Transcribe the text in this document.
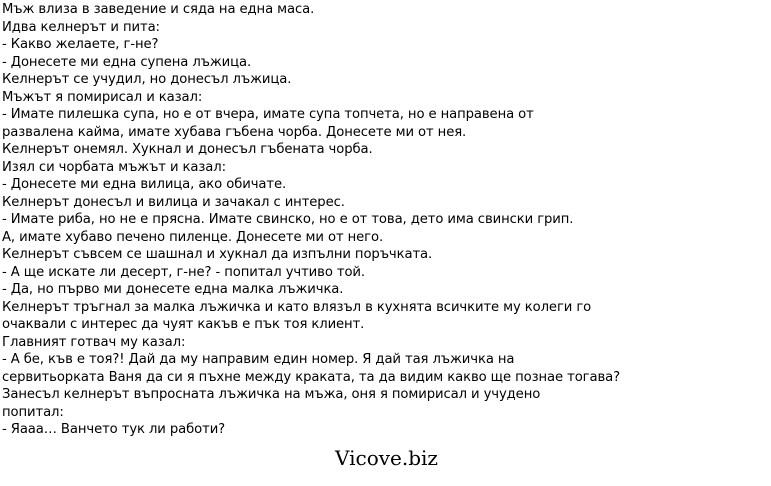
Мъж влиза в заведение и сяда на една маса.
Идва келнерът и пита:
- Какво желаете, г-не?
- Донесете ми една супена лъжица.
Келнерът се учудил, но донесъл лъжица.
Мъжът я помирисал и казал:
- Имате пилешка супа, но е от вчера, имате супа топчета, но е направена от
развалена каймa, имате хубава гъбена чорба. Донесете ми от нея.
Келнерът онемял. Хукнал и донесъл гъбената чорба.
Изял си чорбата мъжът и казал:
- Донесете ми една вилица, ако обичате.
Келнерът донесъл и вилица и зачакал с интерес.
- Имате риба, но не е прясна. Имате свинско, но е от това, дето има свински грип.
А, имате хубаво печено пиленце. Донесете ми от него.
Келнерът съвсем се шашнал и хукнал да изпълни поръчката.
- А ще искате ли десерт, г-не? - попитал учтиво той.
- Да, но първо ми донесете една малка лъжичка.
Келнерът тръгнал за малка лъжичка и като влязъл в кухнята всичките му колеги го
очаквали с интерес да чуят какъв е пък тоя клиент.
Главният готвач му казал:
- А бе, къв е тоя?! Дай да му направим един номер. Я дай тая лъжичка на
сервитьорката Ваня да си я пъхне между краката, та да видим какво ще познае тогава?
Занесъл келнерът въпросната лъжичка на мъжа, оня я помирисал и учудено
попитал:
- Яааа… Ванчето тук ли работи?
Vicove.biz
